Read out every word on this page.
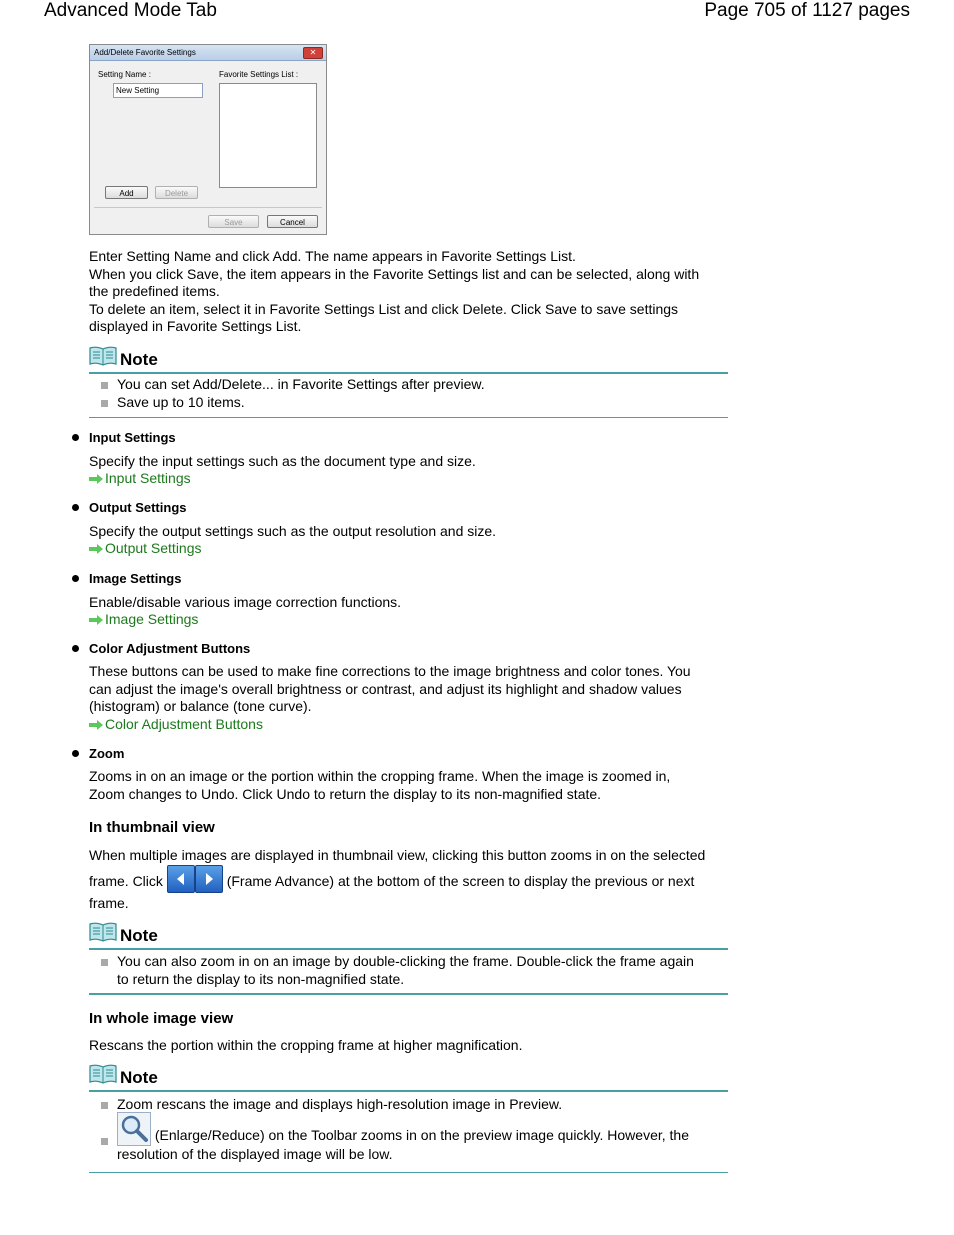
Advanced Mode Tab	Page 705 of 1127 pages
Add/Delete Favorite Settings	✕
Setting Name :	Favorite Settings List :
New Setting
Add	Delete
Save	Cancel
Enter Setting Name and click Add. The name appears in Favorite Settings List.
When you click Save, the item appears in the Favorite Settings list and can be selected, along with
the predefined items.
To delete an item, select it in Favorite Settings List and click Delete. Click Save to save settings
displayed in Favorite Settings List.
Note
You can set Add/Delete... in Favorite Settings after preview.
Save up to 10 items.
Input Settings
Specify the input settings such as the document type and size.
Input Settings
Output Settings
Specify the output settings such as the output resolution and size.
Output Settings
Image Settings
Enable/disable various image correction functions.
Image Settings
Color Adjustment Buttons
These buttons can be used to make fine corrections to the image brightness and color tones. You
can adjust the image's overall brightness or contrast, and adjust its highlight and shadow values
(histogram) or balance (tone curve).
Color Adjustment Buttons
Zoom
Zooms in on an image or the portion within the cropping frame. When the image is zoomed in,
Zoom changes to Undo. Click Undo to return the display to its non-magnified state.
In thumbnail view
When multiple images are displayed in thumbnail view, clicking this button zooms in on the selected
frame. Click	(Frame Advance) at the bottom of the screen to display the previous or next
frame.
Note
You can also zoom in on an image by double-clicking the frame. Double-click the frame again
to return the display to its non-magnified state.
In whole image view
Rescans the portion within the cropping frame at higher magnification.
Note
Zoom rescans the image and displays high-resolution image in Preview.
(Enlarge/Reduce) on the Toolbar zooms in on the preview image quickly. However, the
resolution of the displayed image will be low.
